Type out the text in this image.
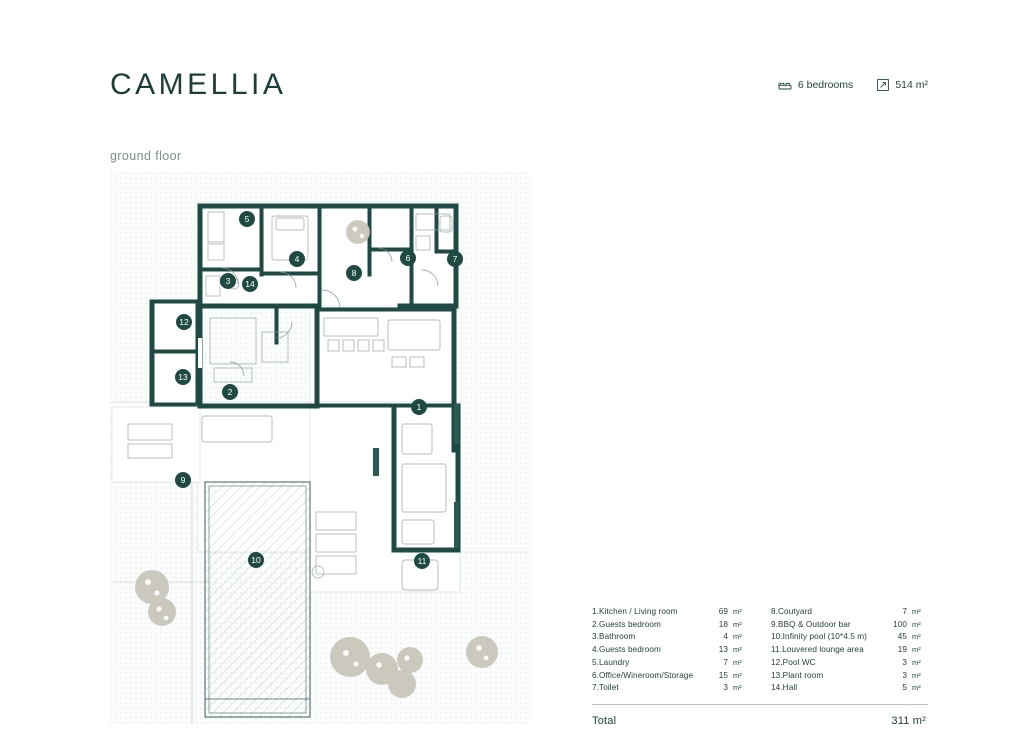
CAMELLIA
ground floor
6 bedrooms	514 m²
1
2
3
4
5
6	7
8
9
10	11
12
13
14
1.Kitchen / Living room	69 m²
2.Guests bedroom	18 m²
3.Bathroom	4 m²
4.Guests bedroom	13 m²
5.Laundry	7 m²
6.Office/Wineroom/Storage	15 m²
7.Toilet	3 m²
8.Coutyard	7 m²
9.BBQ & Outdoor bar	100 m²
10.Infinity pool (10*4.5 m)	45 m²
11.Louvered lounge area	19 m²
12.Pool WC	3 m²
13.Plant room	3 m²
14.Hall	5 m²
Total	311 m²
